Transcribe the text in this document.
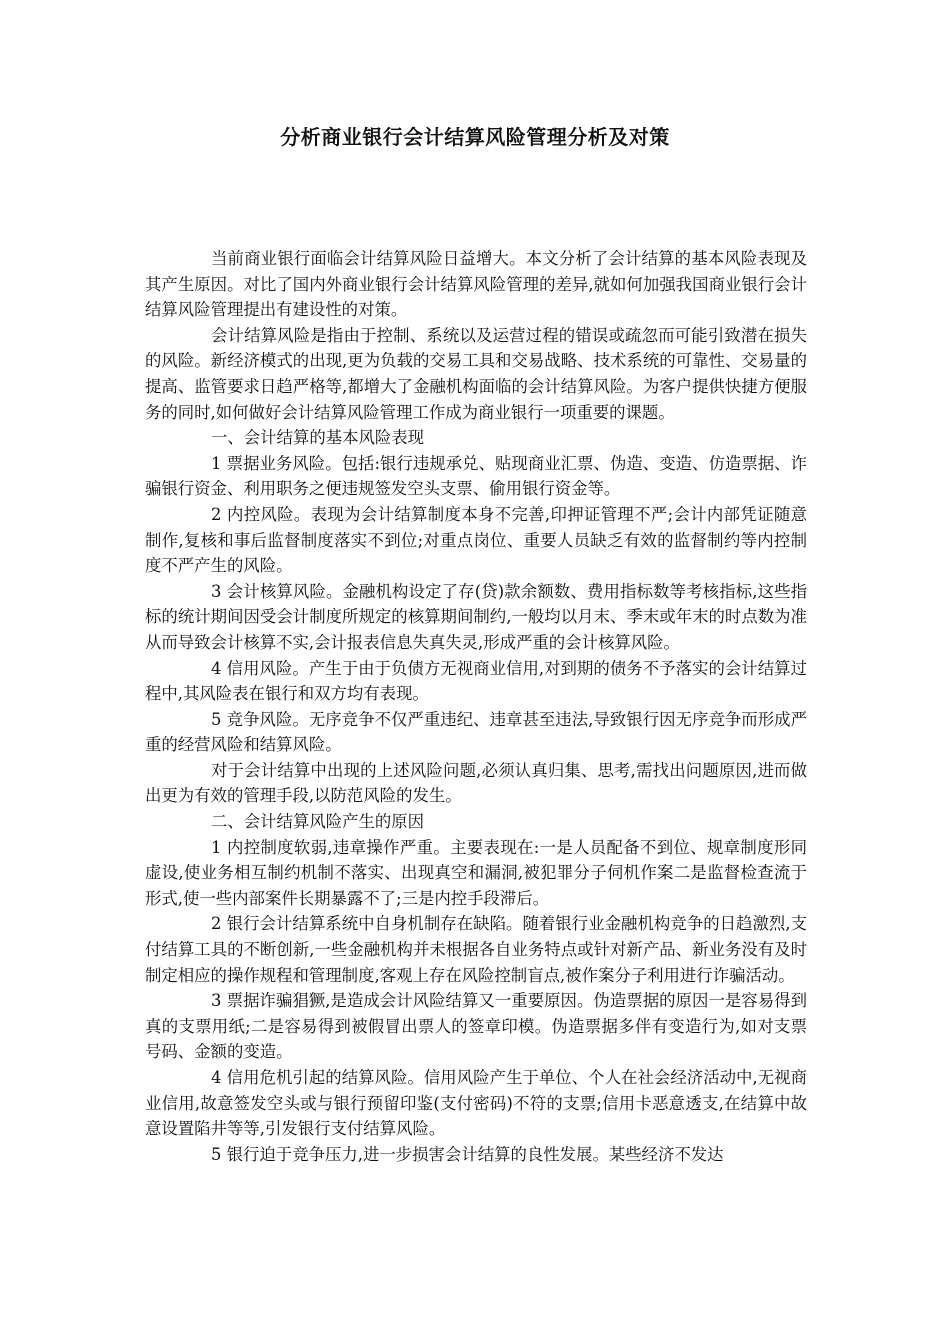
分析商业银行会计结算风险管理分析及对策

当前商业银行面临会计结算风险日益增大。本文分析了会计结算的基本风险表现及其产生原因。对比了国内外商业银行会计结算风险管理的差异,就如何加强我国商业银行会计结算风险管理提出有建设性的对策。

会计结算风险是指由于控制、系统以及运营过程的错误或疏忽而可能引致潜在损失的风险。新经济模式的出现,更为负载的交易工具和交易战略、技术系统的可靠性、交易量的提高、监管要求日趋严格等,都增大了金融机构面临的会计结算风险。为客户提供快捷方便服务的同时,如何做好会计结算风险管理工作成为商业银行一项重要的课题。

一、会计结算的基本风险表现

1 票据业务风险。包括:银行违规承兑、贴现商业汇票、伪造、变造、仿造票据、诈骗银行资金、利用职务之便违规签发空头支票、偷用银行资金等。

2 内控风险。表现为会计结算制度本身不完善,印押证管理不严;会计内部凭证随意制作,复核和事后监督制度落实不到位;对重点岗位、重要人员缺乏有效的监督制约等内控制度不严产生的风险。

3 会计核算风险。金融机构设定了存(贷)款余额数、费用指标数等考核指标,这些指标的统计期间因受会计制度所规定的核算期间制约,一般均以月末、季末或年末的时点数为准从而导致会计核算不实,会计报表信息失真失灵,形成严重的会计核算风险。

4 信用风险。产生于由于负债方无视商业信用,对到期的债务不予落实的会计结算过程中,其风险表在银行和双方均有表现。

5 竞争风险。无序竞争不仅严重违纪、违章甚至违法,导致银行因无序竞争而形成严重的经营风险和结算风险。

对于会计结算中出现的上述风险问题,必须认真归集、思考,需找出问题原因,进而做出更为有效的管理手段,以防范风险的发生。

二、会计结算风险产生的原因

1 内控制度软弱,违章操作严重。主要表现在:一是人员配备不到位、规章制度形同虚设,使业务相互制约机制不落实、出现真空和漏洞,被犯罪分子伺机作案二是监督检查流于形式,使一些内部案件长期暴露不了;三是内控手段滞后。

2 银行会计结算系统中自身机制存在缺陷。随着银行业金融机构竞争的日趋激烈,支付结算工具的不断创新,一些金融机构并未根据各自业务特点或针对新产品、新业务没有及时制定相应的操作规程和管理制度,客观上存在风险控制盲点,被作案分子利用进行诈骗活动。

3 票据诈骗猖獗,是造成会计风险结算又一重要原因。伪造票据的原因一是容易得到真的支票用纸;二是容易得到被假冒出票人的签章印模。伪造票据多伴有变造行为,如对支票号码、金额的变造。

4 信用危机引起的结算风险。信用风险产生于单位、个人在社会经济活动中,无视商业信用,故意签发空头或与银行预留印鉴(支付密码)不符的支票;信用卡恶意透支,在结算中故意设置陷井等等,引发银行支付结算风险。

5 银行迫于竞争压力,进一步损害会计结算的良性发展。某些经济不发达
